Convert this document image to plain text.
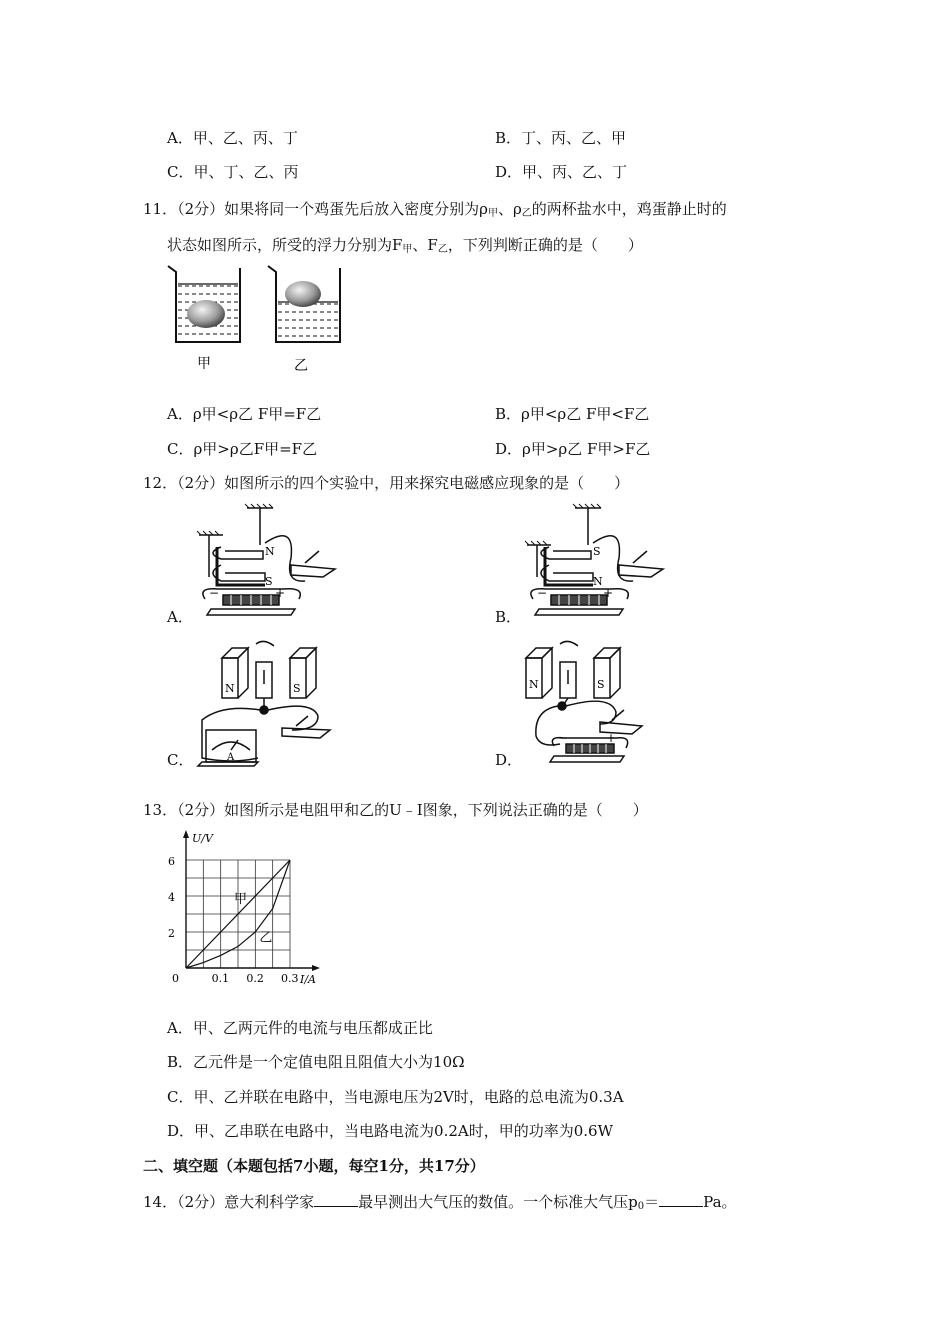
A．甲、乙、丙、丁	B．丁、丙、乙、甲
C．甲、丁、乙、丙	D．甲、丙、乙、丁
11．（2分）如果将同一个鸡蛋先后放入密度分别为ρ甲、ρ乙的两杯盐水中，鸡蛋静止时的
状态如图所示，所受的浮力分别为F甲、F乙，下列判断正确的是（　　）
甲	乙
A．ρ甲<ρ乙 F甲=F乙	B．ρ甲<ρ乙 F甲<F乙
C．ρ甲>ρ乙F甲=F乙	D．ρ甲>ρ乙 F甲>F乙
12．（2分）如图所示的四个实验中，用来探究电磁感应现象的是（　　）
A．
N
S
−	+
B．
S
N
−	+
C．
N	S
A	D．
N	S
−	+
13．（2分）如图所示是电阻甲和乙的U﹣I图象，下列说法正确的是（　　）
甲
乙
0	0.1 0.2 0.3
2
4
6
I/A
U/V
A．甲、乙两元件的电流与电压都成正比
B．乙元件是一个定值电阻且阻值大小为10Ω
C．甲、乙并联在电路中，当电源电压为2V时，电路的总电流为0.3A
D．甲、乙串联在电路中，当电路电流为0.2A时，甲的功率为0.6W
二、填空题（本题包括7小题，每空1分，共17分）
14．（2分）意大利科学家	最早测出大气压的数值。一个标准大气压p0＝	Pa。
